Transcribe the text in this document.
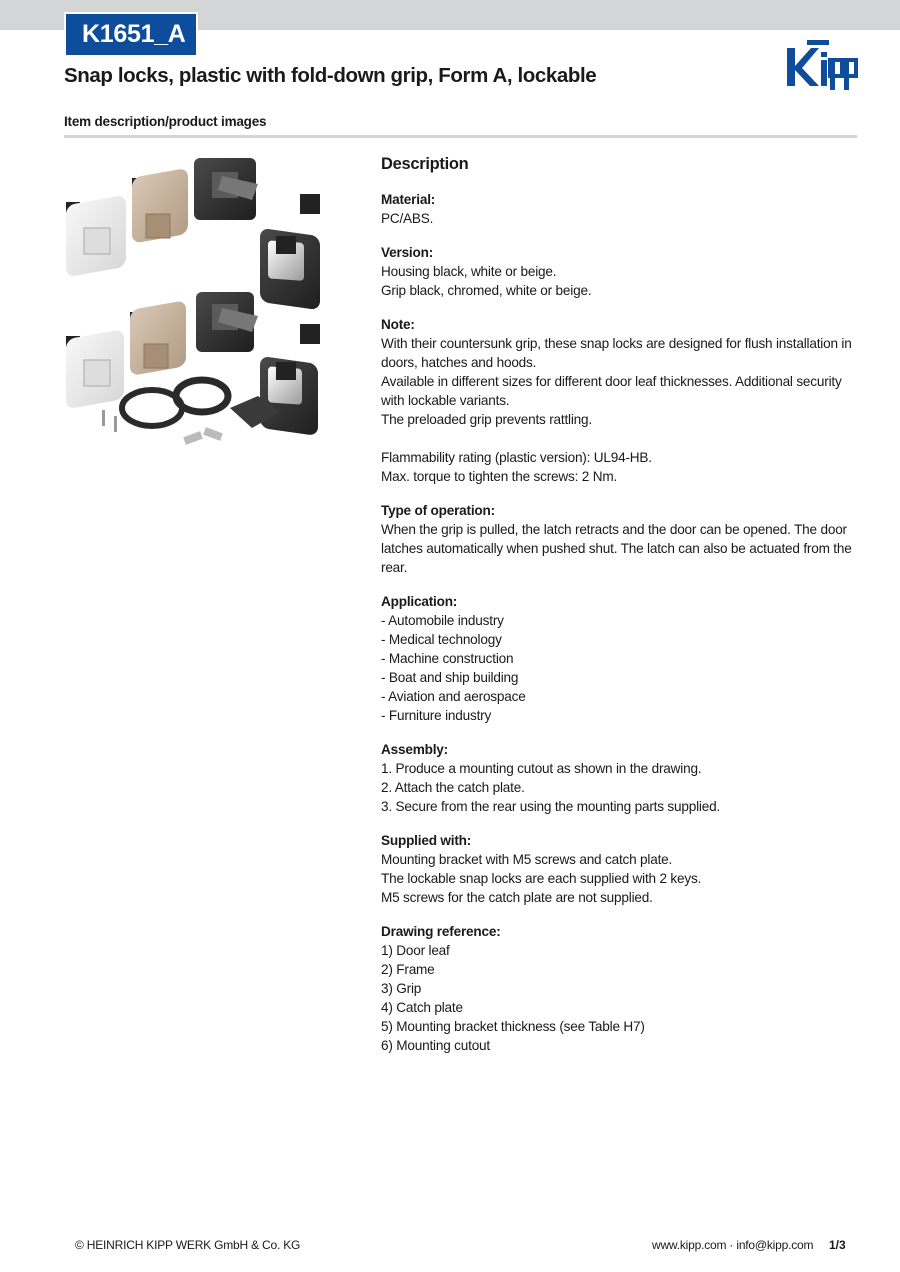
K1651_A
Snap locks, plastic with fold-down grip, Form A, lockable
Item description/product images
Description
Material:
PC/ABS.
Version:
Housing black, white or beige.
Grip black, chromed, white or beige.
Note:
With their countersunk grip, these snap locks are designed for flush installation in doors, hatches and hoods.
Available in different sizes for different door leaf thicknesses. Additional security with lockable variants.
The preloaded grip prevents rattling.
Flammability rating (plastic version): UL94-HB.
Max. torque to tighten the screws: 2 Nm.
Type of operation:
When the grip is pulled, the latch retracts and the door can be opened. The door latches automatically when pushed shut. The latch can also be actuated from the rear.
Application:
- Automobile industry
- Medical technology
- Machine construction
- Boat and ship building
- Aviation and aerospace
- Furniture industry
Assembly:
1. Produce a mounting cutout as shown in the drawing.
2. Attach the catch plate.
3. Secure from the rear using the mounting parts supplied.
Supplied with:
Mounting bracket with M5 screws and catch plate.
The lockable snap locks are each supplied with 2 keys.
M5 screws for the catch plate are not supplied.
Drawing reference:
1) Door leaf
2) Frame
3) Grip
4) Catch plate
5) Mounting bracket thickness (see Table H7)
6) Mounting cutout
© HEINRICH KIPP WERK GmbH & Co. KG	www.kipp.com · info@kipp.com 1/3
